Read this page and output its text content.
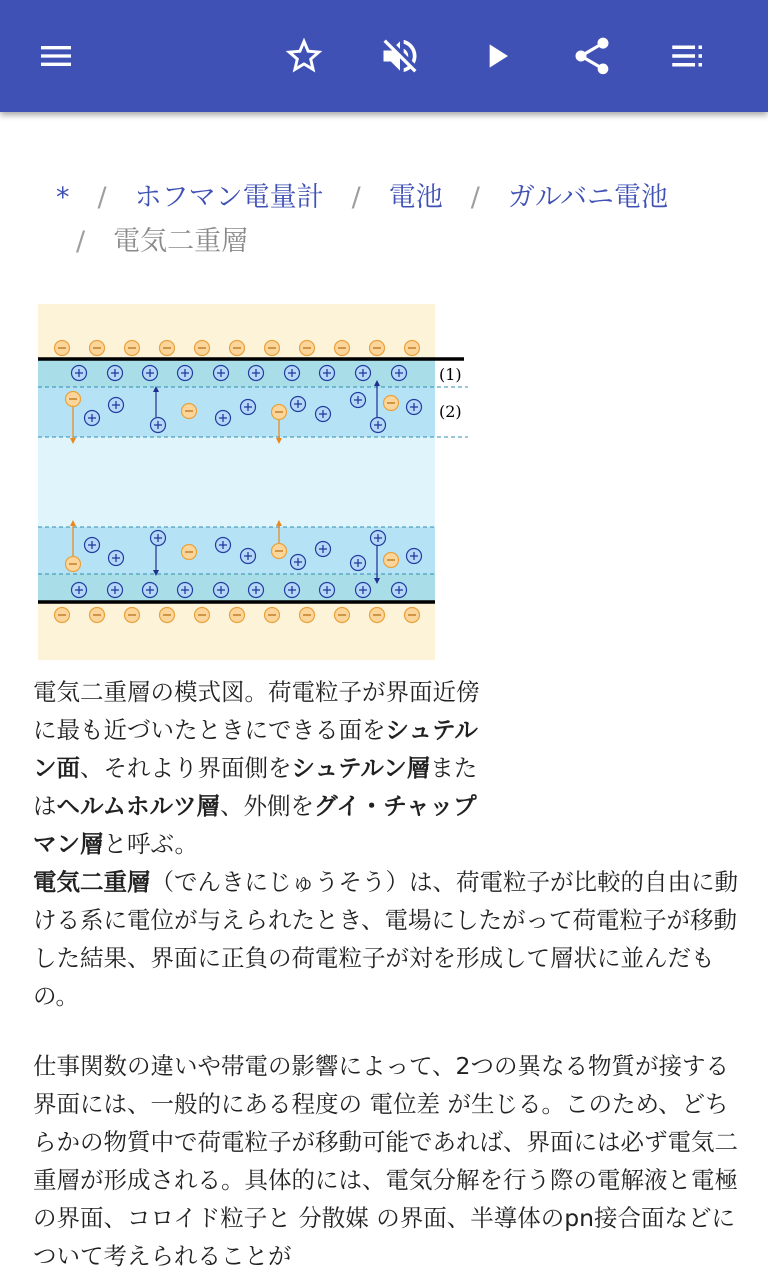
* / ホフマン電量計 / 電池 / ガルバニ電池
/ 電気二重層
(1)
(2)
電気二重層の模式図。荷電粒子が界面近傍に最も近づいたときにできる面をシュテルン面、それより界面側をシュテルン層またはヘルムホルツ層、外側をグイ・チャップマン層と呼ぶ。
電気二重層（でんきにじゅうそう）は、荷電粒子が比較的自由に動ける系に電位が与えられたとき、電場にしたがって荷電粒子が移動した結果、界面に正負の荷電粒子が対を形成して層状に並んだもの。
仕事関数の違いや帯電の影響によって、2つの異なる物質が接する界面には、一般的にある程度の 電位差 が生じる。このため、どちらかの物質中で荷電粒子が移動可能であれば、界面には必ず電気二重層が形成される。具体的には、電気分解を行う際の電解液と電極の界面、コロイド粒子と 分散媒 の界面、半導体のpn接合面などについて考えられることが
